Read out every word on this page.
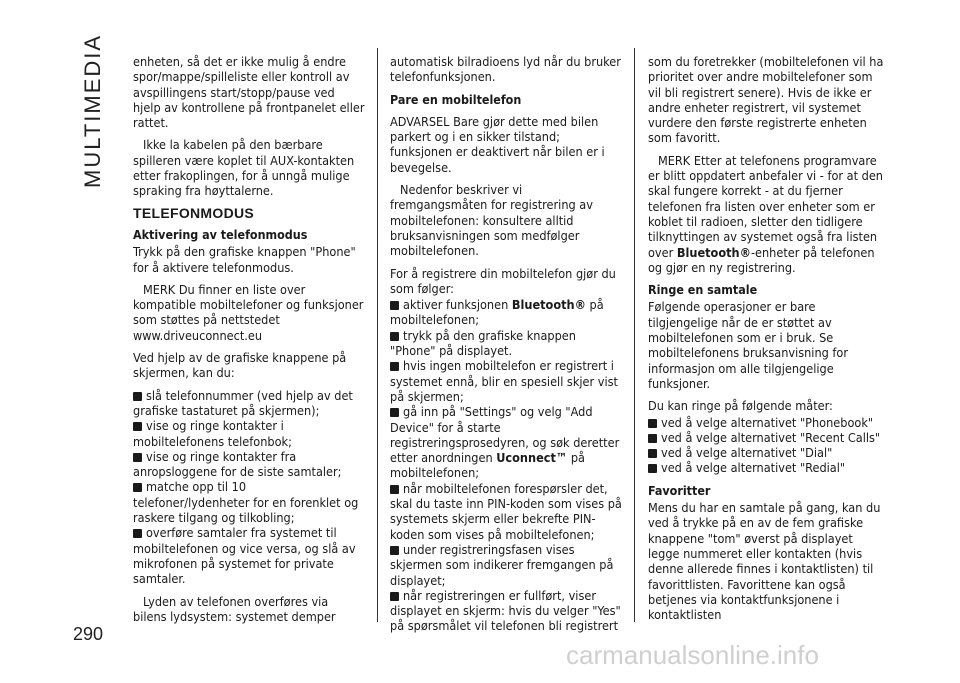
MULTIMEDIA
290

enheten, så det er ikke mulig å endre spor/mappe/spilleliste eller kontroll av avspillingens start/stopp/pause ved hjelp av kontrollene på frontpanelet eller rattet.

Ikke la kabelen på den bærbare spilleren være koplet til AUX-kontakten etter frakoplingen, for å unngå mulige spraking fra høyttalerne.

TELEFONMODUS
Aktivering av telefonmodus

Trykk på den grafiske knappen "Phone" for å aktivere telefonmodus.

MERK Du finner en liste over kompatible mobiltelefoner og funksjoner som støttes på nettstedet www.driveuconnect.eu

Ved hjelp av de grafiske knappene på skjermen, kan du:

slå telefonnummer (ved hjelp av det grafiske tastaturet på skjermen);
vise og ringe kontakter i mobiltelefonens telefonbok;
vise og ringe kontakter fra anropsloggene for de siste samtaler;
matche opp til 10 telefoner/lydenheter for en forenklet og raskere tilgang og tilkobling;
overføre samtaler fra systemet til mobiltelefonen og vice versa, og slå av mikrofonen på systemet for private samtaler.

Lyden av telefonen overføres via bilens lydsystem: systemet demper

automatisk bilradioens lyd når du bruker telefonfunksjonen.

Pare en mobiltelefon

ADVARSEL Bare gjør dette med bilen parkert og i en sikker tilstand; funksjonen er deaktivert når bilen er i bevegelse.

Nedenfor beskriver vi fremgangsmåten for registrering av mobiltelefonen: konsultere alltid bruksanvisningen som medfølger mobiltelefonen.

For å registrere din mobiltelefon gjør du som følger:

aktiver funksjonen Bluetooth® på mobiltelefonen;
trykk på den grafiske knappen "Phone" på displayet.
hvis ingen mobiltelefon er registrert i systemet ennå, blir en spesiell skjer vist på skjermen;
gå inn på "Settings" og velg "Add Device" for å starte registreringsprosedyren, og søk deretter etter anordningen Uconnect™ på mobiltelefonen;
når mobiltelefonen forespørsler det, skal du taste inn PIN-koden som vises på systemets skjerm eller bekrefte PIN-koden som vises på mobiltelefonen;
under registreringsfasen vises skjermen som indikerer fremgangen på displayet;
når registreringen er fullført, viser displayet en skjerm: hvis du velger "Yes" på spørsmålet vil telefonen bli registrert

som du foretrekker (mobiltelefonen vil ha prioritet over andre mobiltelefoner som vil bli registrert senere). Hvis de ikke er andre enheter registrert, vil systemet vurdere den første registrerte enheten som favoritt.

MERK Etter at telefonens programvare er blitt oppdatert anbefaler vi - for at den skal fungere korrekt - at du fjerner telefonen fra listen over enheter som er koblet til radioen, sletter den tidligere tilknyttingen av systemet også fra listen over Bluetooth®-enheter på telefonen og gjør en ny registrering.

Ringe en samtale

Følgende operasjoner er bare tilgjengelige når de er støttet av mobiltelefonen som er i bruk. Se mobiltelefonens bruksanvisning for informasjon om alle tilgjengelige funksjoner.

Du kan ringe på følgende måter:

ved å velge alternativet "Phonebook"
ved å velge alternativet "Recent Calls"
ved å velge alternativet "Dial"
ved å velge alternativet "Redial"
Favoritter

Mens du har en samtale på gang, kan du ved å trykke på en av de fem grafiske knappene "tom" øverst på displayet legge nummeret eller kontakten (hvis denne allerede finnes i kontaktlisten) til favorittlisten. Favorittene kan også betjenes via kontaktfunksjonene i kontaktlisten

carmanualsonline.info
